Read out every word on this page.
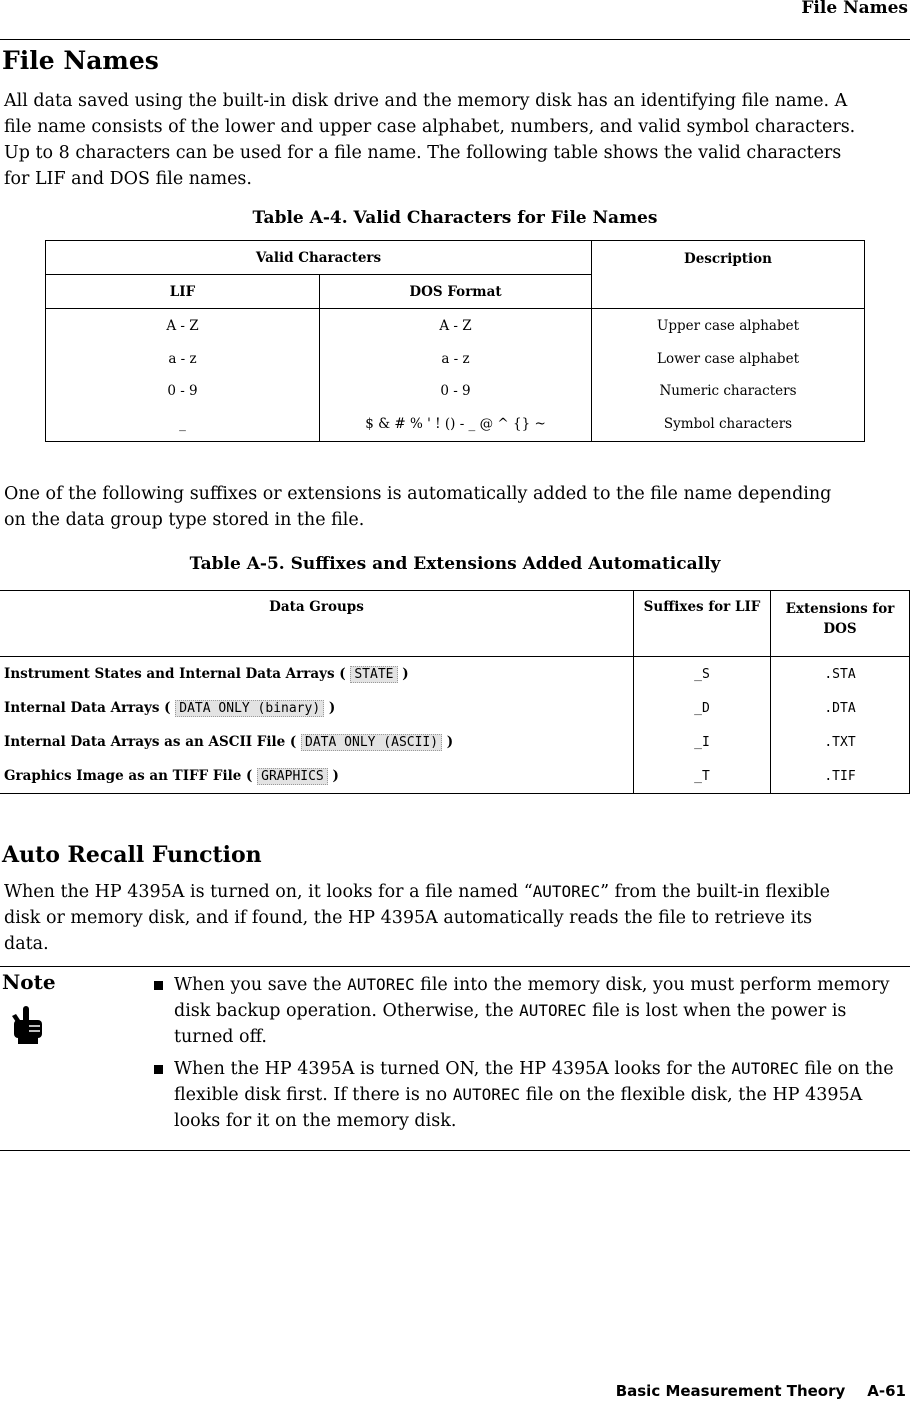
File Names
File Names

All data saved using the built-in disk drive and the memory disk has an identifying file name. A

file name consists of the lower and upper case alphabet, numbers, and valid symbol characters.

Up to 8 characters can be used for a file name. The following table shows the valid characters

for LIF and DOS file names.

Table A-4. Valid Characters for File Names
Valid Characters		Description
LIF	DOS Format	
A - Z	A - Z	Upper case alphabet
a - z	a - z	Lower case alphabet
0 - 9	0 - 9	Numeric characters
_	$ & # % ' ! () - _ @ ^ {} ~	Symbol characters

One of the following suffixes or extensions is automatically added to the file name depending

on the data group type stored in the file.

Table A-5. Suffixes and Extensions Added Automatically
Data Groups	Suffixes for LIF	Extensions for DOS
Instrument States and Internal Data Arrays ( STATE )	_S	.STA
Internal Data Arrays ( DATA ONLY (binary) )	_D	.DTA
Internal Data Arrays as an ASCII File ( DATA ONLY (ASCII) )	_I	.TXT
Graphics Image as an TIFF File ( GRAPHICS )	_T	.TIF
Auto Recall Function

When the HP 4395A is turned on, it looks for a file named “AUTOREC” from the built-in flexible

disk or memory disk, and if found, the HP 4395A automatically reads the file to retrieve its

data.

Note	When you save the AUTOREC file into the memory disk, you must perform memory disk backup operation. Otherwise, the AUTOREC file is lost when the power is turned off.
When the HP 4395A is turned ON, the HP 4395A looks for the AUTOREC file on the flexible disk first. If there is no AUTOREC file on the flexible disk, the HP 4395A looks for it on the memory disk.
Basic Measurement Theory A-61
